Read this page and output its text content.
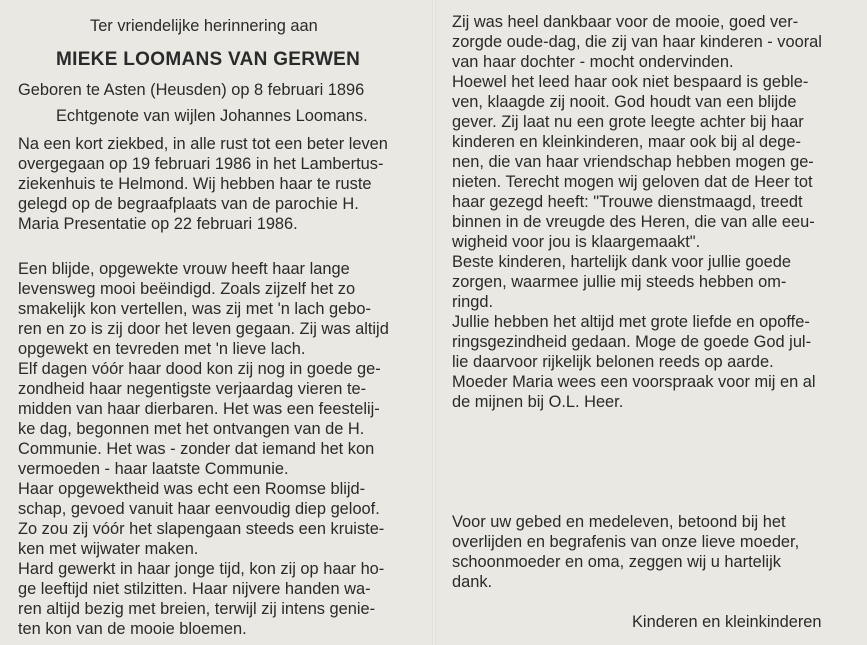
Ter vriendelijke herinnering aan
MIEKE LOOMANS VAN GERWEN
Geboren te Asten (Heusden) op 8 februari 1896
Echtgenote van wijlen Johannes Loomans.
Na een kort ziekbed, in alle rust tot een beter leven
overgegaan op 19 februari 1986 in het Lambertus-
ziekenhuis te Helmond. Wij hebben haar te ruste
gelegd op de begraafplaats van de parochie H.
Maria Presentatie op 22 februari 1986.
Een blijde, opgewekte vrouw heeft haar lange
levensweg mooi beëindigd. Zoals zijzelf het zo
smakelijk kon vertellen, was zij met 'n lach gebo-
ren en zo is zij door het leven gegaan. Zij was altijd
opgewekt en tevreden met 'n lieve lach.
Elf dagen vóór haar dood kon zij nog in goede ge-
zondheid haar negentigste verjaardag vieren te-
midden van haar dierbaren. Het was een feestelij-
ke dag, begonnen met het ontvangen van de H.
Communie. Het was - zonder dat iemand het kon
vermoeden - haar laatste Communie.
Haar opgewektheid was echt een Roomse blijd-
schap, gevoed vanuit haar eenvoudig diep geloof.
Zo zou zij vóór het slapengaan steeds een kruiste-
ken met wijwater maken.
Hard gewerkt in haar jonge tijd, kon zij op haar ho-
ge leeftijd niet stilzitten. Haar nijvere handen wa-
ren altijd bezig met breien, terwijl zij intens genie-
ten kon van de mooie bloemen.
Zij was heel dankbaar voor de mooie, goed ver-
zorgde oude-dag, die zij van haar kinderen - vooral
van haar dochter - mocht ondervinden.
Hoewel het leed haar ook niet bespaard is geble-
ven, klaagde zij nooit. God houdt van een blijde
gever. Zij laat nu een grote leegte achter bij haar
kinderen en kleinkinderen, maar ook bij al dege-
nen, die van haar vriendschap hebben mogen ge-
nieten. Terecht mogen wij geloven dat de Heer tot
haar gezegd heeft: "Trouwe dienstmaagd, treedt
binnen in de vreugde des Heren, die van alle eeu-
wigheid voor jou is klaargemaakt".
Beste kinderen, hartelijk dank voor jullie goede
zorgen, waarmee jullie mij steeds hebben om-
ringd.
Jullie hebben het altijd met grote liefde en opoffe-
ringsgezindheid gedaan. Moge de goede God jul-
lie daarvoor rijkelijk belonen reeds op aarde.
Moeder Maria wees een voorspraak voor mij en al
de mijnen bij O.L. Heer.
Voor uw gebed en medeleven, betoond bij het
overlijden en begrafenis van onze lieve moeder,
schoonmoeder en oma, zeggen wij u hartelijk
dank.
Kinderen en kleinkinderen
